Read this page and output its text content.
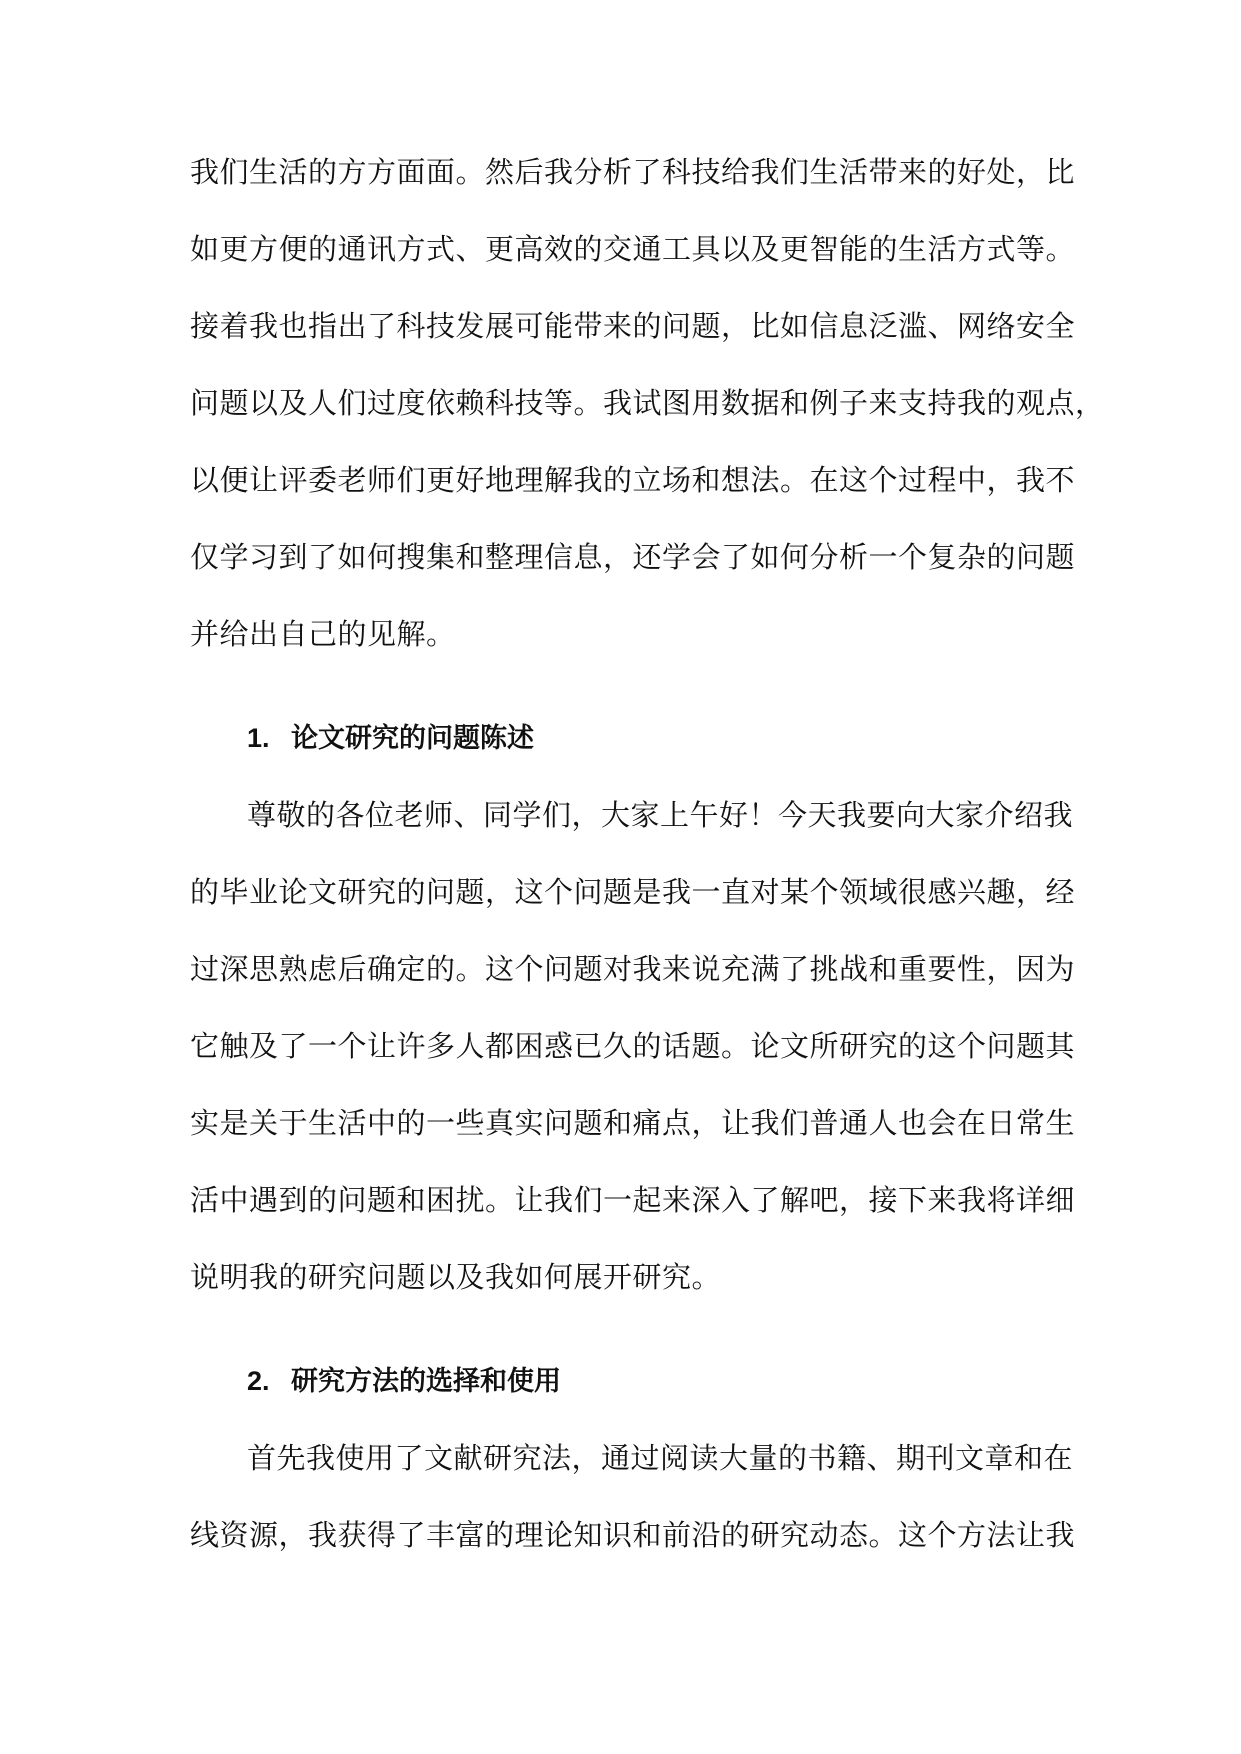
我们生活的方方面面。然后我分析了科技给我们生活带来的好处，比
如更方便的通讯方式、更高效的交通工具以及更智能的生活方式等。
接着我也指出了科技发展可能带来的问题，比如信息泛滥、网络安全
问题以及人们过度依赖科技等。我试图用数据和例子来支持我的观点，
以便让评委老师们更好地理解我的立场和想法。在这个过程中，我不
仅学习到了如何搜集和整理信息，还学会了如何分析一个复杂的问题
并给出自己的见解。
1. 论文研究的问题陈述
尊敬的各位老师、同学们，大家上午好！今天我要向大家介绍我
的毕业论文研究的问题，这个问题是我一直对某个领域很感兴趣，经
过深思熟虑后确定的。这个问题对我来说充满了挑战和重要性，因为
它触及了一个让许多人都困惑已久的话题。论文所研究的这个问题其
实是关于生活中的一些真实问题和痛点，让我们普通人也会在日常生
活中遇到的问题和困扰。让我们一起来深入了解吧，接下来我将详细
说明我的研究问题以及我如何展开研究。
2. 研究方法的选择和使用
首先我使用了文献研究法，通过阅读大量的书籍、期刊文章和在
线资源，我获得了丰富的理论知识和前沿的研究动态。这个方法让我
